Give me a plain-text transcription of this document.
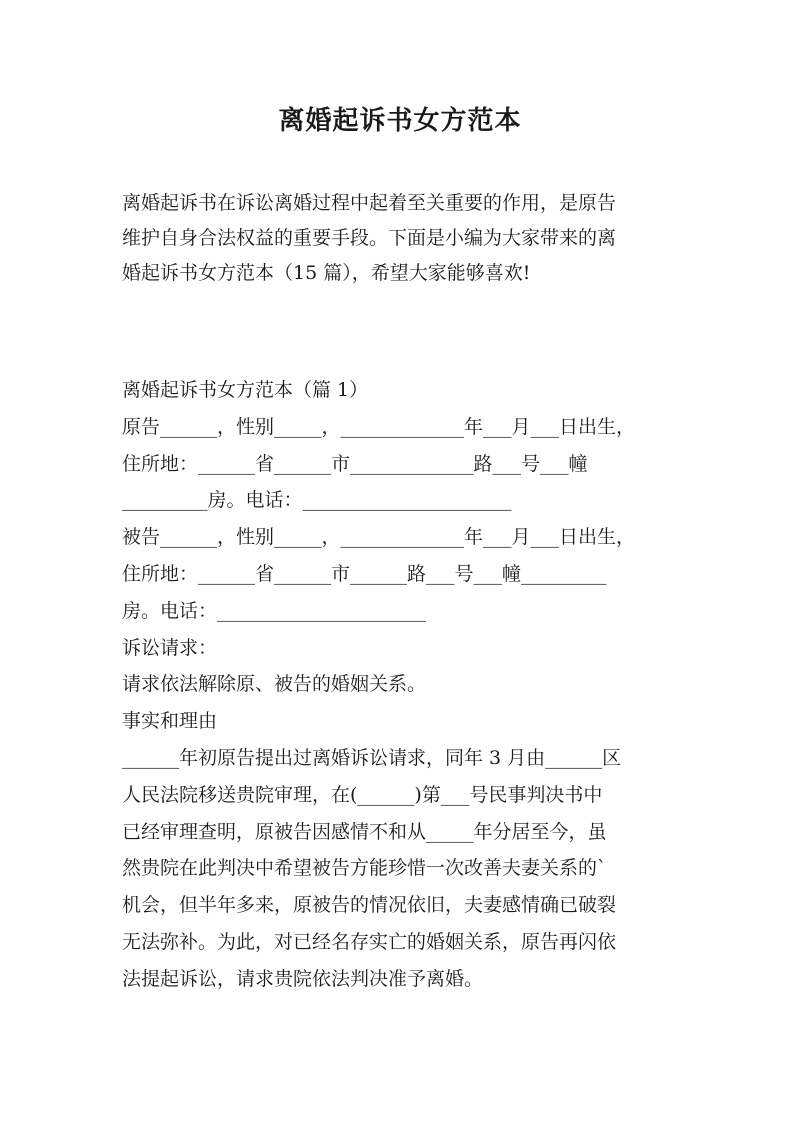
离婚起诉书女方范本

离婚起诉书在诉讼离婚过程中起着至关重要的作用，是原告

维护自身合法权益的重要手段。下面是小编为大家带来的离

婚起诉书女方范本（15 篇），希望大家能够喜欢!

离婚起诉书女方范本（篇 1）

原告______，性别_____，_____________年___月___日出生，

住所地：______省______市_____________路___号___幢

_________房。电话：______________________

被告______，性别_____，_____________年___月___日出生，

住所地：______省______市______路___号___幢_________

房。电话：______________________

诉讼请求：

请求依法解除原、被告的婚姻关系。

事实和理由

______年初原告提出过离婚诉讼请求，同年 3 月由______区

人民法院移送贵院审理，在(______)第___号民事判决书中

已经审理查明，原被告因感情不和从_____年分居至今，虽

然贵院在此判决中希望被告方能珍惜一次改善夫妻关系的`

机会，但半年多来，原被告的情况依旧，夫妻感情确已破裂

无法弥补。为此，对已经名存实亡的婚姻关系，原告再闪依

法提起诉讼，请求贵院依法判决准予离婚。
